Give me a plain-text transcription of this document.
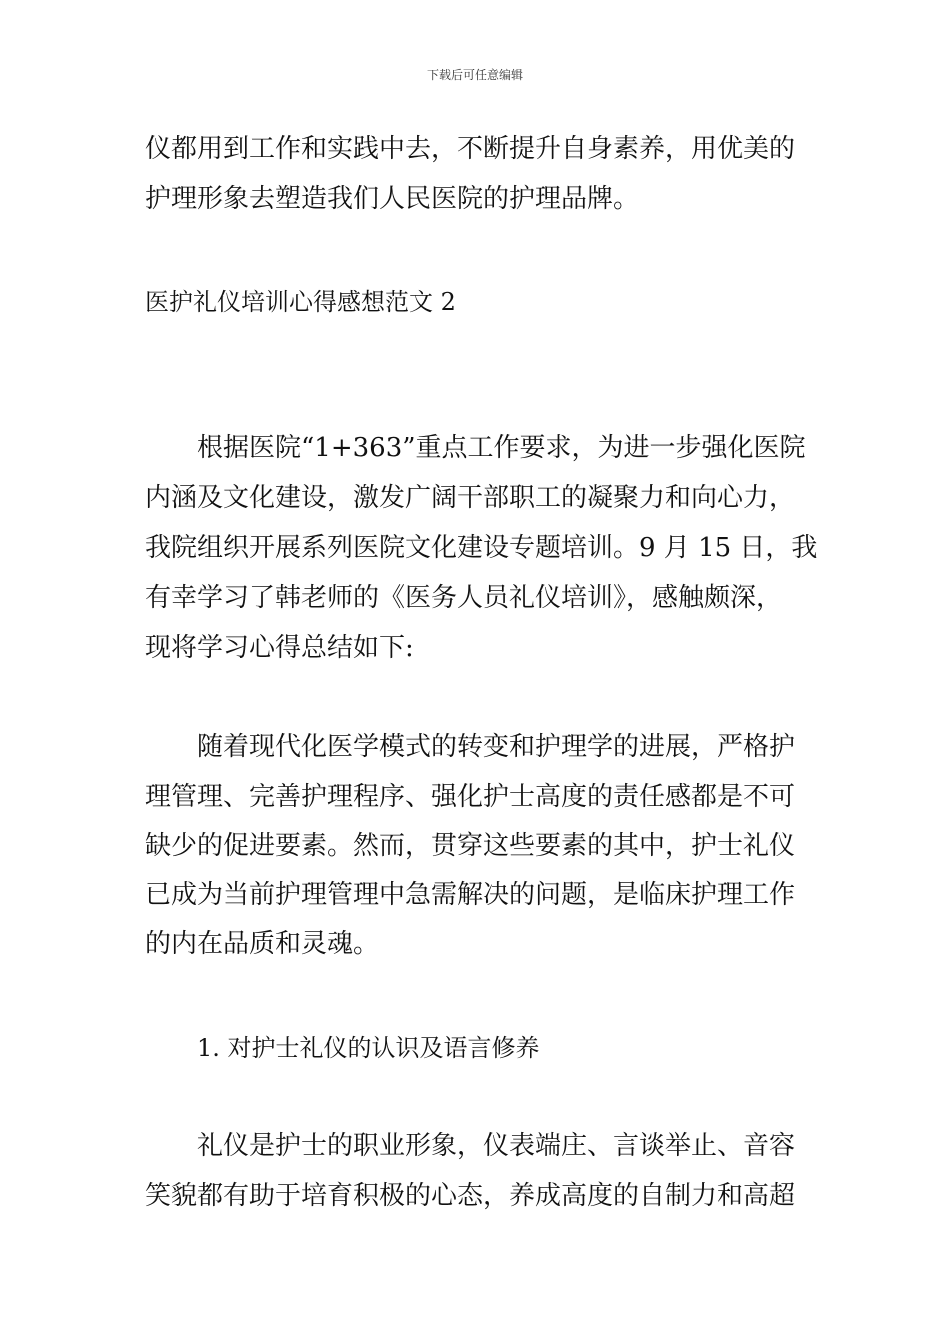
下载后可任意编辑
仪都用到工作和实践中去，不断提升自身素养，用优美的
护理形象去塑造我们人民医院的护理品牌。
医护礼仪培训心得感想范文 2
根据医院“1+363”重点工作要求，为进一步强化医院
内涵及文化建设，激发广阔干部职工的凝聚力和向心力，
我院组织开展系列医院文化建设专题培训。9 月 15 日，我
有幸学习了韩老师的《医务人员礼仪培训》，感触颇深，
现将学习心得总结如下:
随着现代化医学模式的转变和护理学的进展，严格护
理管理、完善护理程序、强化护士高度的责任感都是不可
缺少的促进要素。然而，贯穿这些要素的其中，护士礼仪
已成为当前护理管理中急需解决的问题，是临床护理工作
的内在品质和灵魂。
1. 对护士礼仪的认识及语言修养
礼仪是护士的职业形象，仪表端庄、言谈举止、音容
笑貌都有助于培育积极的心态，养成高度的自制力和高超
